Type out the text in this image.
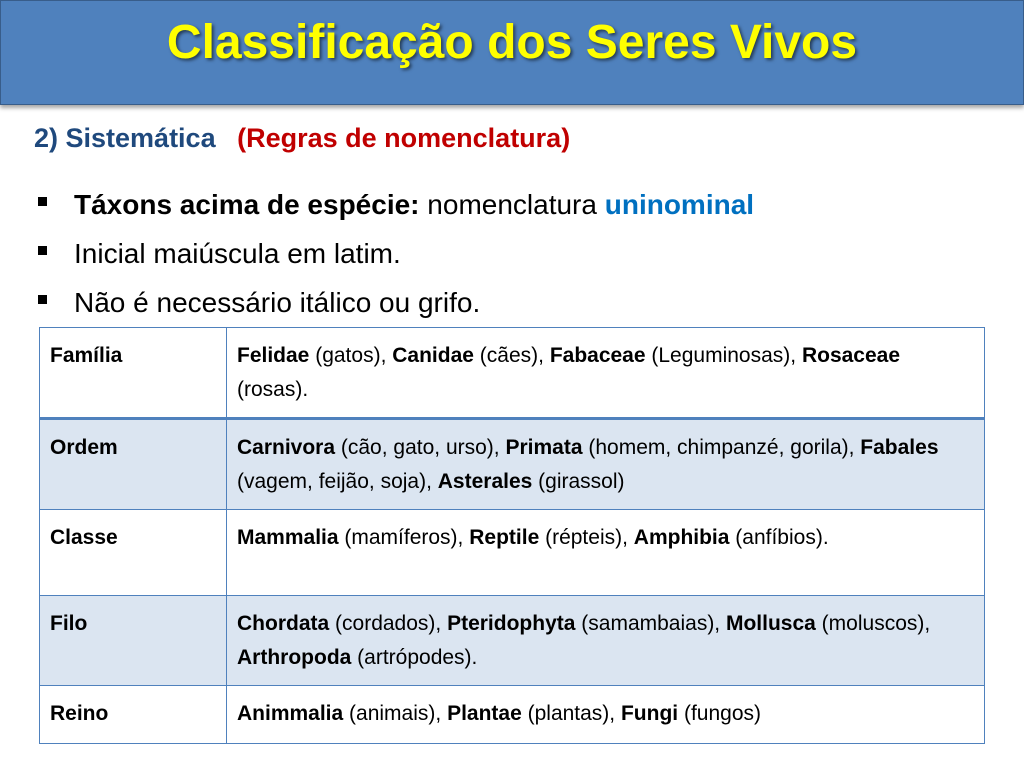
Classificação dos Seres Vivos
2) Sistemática (Regras de nomenclatura)
Táxons acima de espécie: nomenclatura uninominal
Inicial maiúscula em latim.
Não é necessário itálico ou grifo.
Família	Felidae (gatos), Canidae (cães), Fabaceae (Leguminosas), Rosaceae (rosas).
Ordem	Carnivora (cão, gato, urso), Primata (homem, chimpanzé, gorila), Fabales (vagem, feijão, soja), Asterales (girassol)
Classe	Mammalia (mamíferos), Reptile (répteis), Amphibia (anfíbios).
Filo	Chordata (cordados), Pteridophyta (samambaias), Mollusca (moluscos), Arthropoda (artrópodes).
Reino	Animmalia (animais), Plantae (plantas), Fungi (fungos)
